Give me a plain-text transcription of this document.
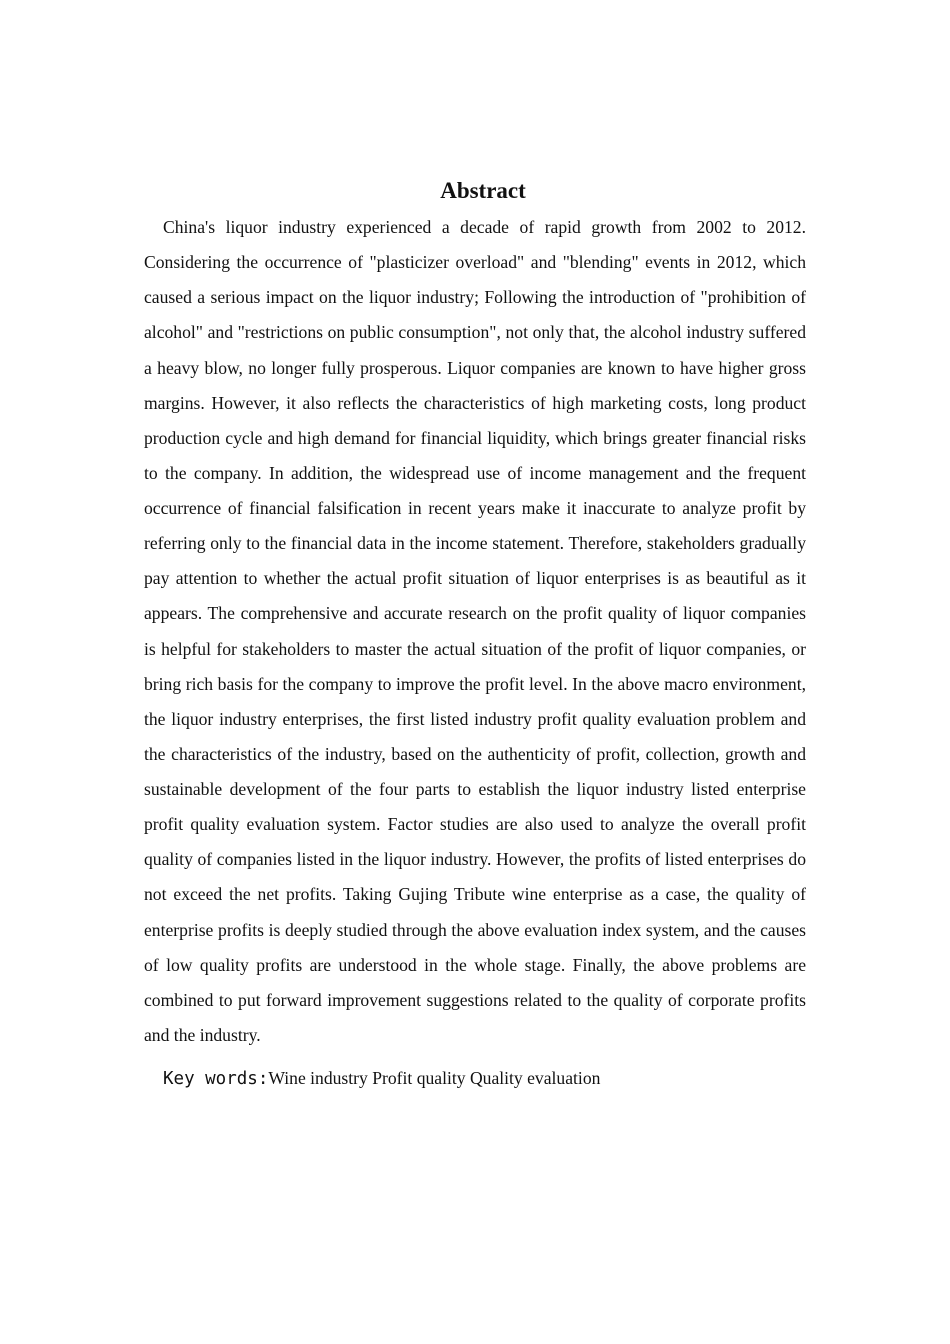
Abstract

China's liquor industry experienced a decade of rapid growth from 2002 to 2012. Considering the occurrence of "plasticizer overload" and "blending" events in 2012, which caused a serious impact on the liquor industry; Following the introduction of "prohibition of alcohol" and "restrictions on public consumption", not only that, the alcohol industry suffered a heavy blow, no longer fully prosperous. Liquor companies are known to have higher gross margins. However, it also reflects the characteristics of high marketing costs, long product production cycle and high demand for financial liquidity, which brings greater financial risks to the company. In addition, the widespread use of income management and the frequent occurrence of financial falsification in recent years make it inaccurate to analyze profit by referring only to the financial data in the income statement. Therefore, stakeholders gradually pay attention to whether the actual profit situation of liquor enterprises is as beautiful as it appears. The comprehensive and accurate research on the profit quality of liquor companies is helpful for stakeholders to master the actual situation of the profit of liquor companies, or bring rich basis for the company to improve the profit level. In the above macro environment, the liquor industry enterprises, the first listed industry profit quality evaluation problem and the characteristics of the industry, based on the authenticity of profit, collection, growth and sustainable development of the four parts to establish the liquor industry listed enterprise profit quality evaluation system. Factor studies are also used to analyze the overall profit quality of companies listed in the liquor industry. However, the profits of listed enterprises do not exceed the net profits. Taking Gujing Tribute wine enterprise as a case, the quality of enterprise profits is deeply studied through the above evaluation index system, and the causes of low quality profits are understood in the whole stage. Finally, the above problems are combined to put forward improvement suggestions related to the quality of corporate profits and the industry.

Key words:Wine industry Profit quality Quality evaluation
